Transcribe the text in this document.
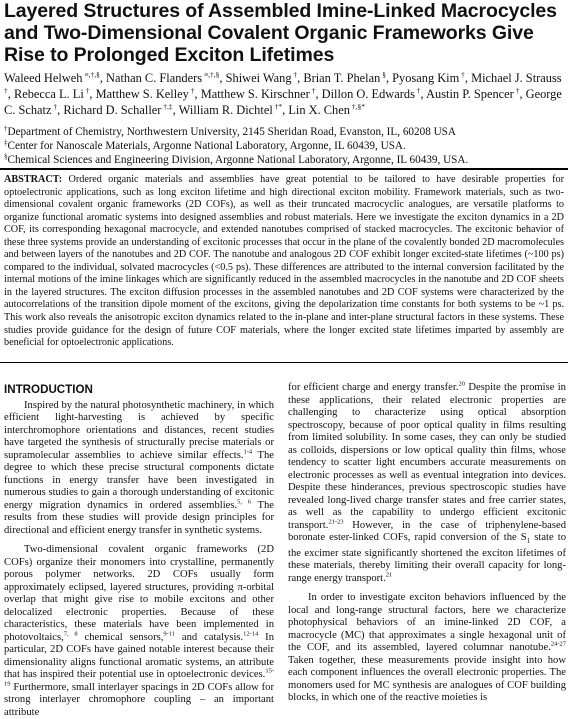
Layered Structures of Assembled Imine-Linked Macrocycles and Two-Dimensional Covalent Organic Frameworks Give Rise to Prolonged Exciton Lifetimes

Waleed Helweh ≡,†,§, Nathan C. Flanders ≡,†,§, Shiwei Wang †, Brian T. Phelan §, Pyosang Kim †, Michael J. Strauss †, Rebecca L. Li †, Matthew S. Kelley †, Matthew S. Kirschner †, Dillon O. Edwards †, Austin P. Spencer †, George C. Schatz †, Richard D. Schaller †,‡, William R. Dichtel †*, Lin X. Chen †,§*

†Department of Chemistry, Northwestern University, 2145 Sheridan Road, Evanston, IL, 60208 USA

‡Center for Nanoscale Materials, Argonne National Laboratory, Argonne, IL 60439, USA.

§Chemical Sciences and Engineering Division, Argonne National Laboratory, Argonne, IL 60439, USA.

ABSTRACT: Ordered organic materials and assemblies have great potential to be tailored to have desirable properties for optoelectronic applications, such as long exciton lifetime and high directional exciton mobility. Framework materials, such as two-dimensional covalent organic frameworks (2D COFs), as well as their truncated macrocyclic analogues, are versatile platforms to organize functional aromatic systems into designed assemblies and robust materials. Here we investigate the exciton dynamics in a 2D COF, its corresponding hexagonal macrocycle, and extended nanotubes comprised of stacked macrocycles. The excitonic behavior of these three systems provide an understanding of excitonic processes that occur in the plane of the covalently bonded 2D macromolecules and between layers of the nanotubes and 2D COF. The nanotube and analogous 2D COF exhibit longer excited-state lifetimes (~100 ps) compared to the individual, solvated macrocycles (<0.5 ps). These differences are attributed to the internal conversion facilitated by the internal motions of the imine linkages which are significantly reduced in the assembled macrocycles in the nanotube and 2D COF sheets in the layered structures. The exciton diffusion processes in the assembled nanotubes and 2D COF systems were characterized by the autocorrelations of the transition dipole moment of the excitons, giving the depolarization time constants for both systems to be ~1 ps. This work also reveals the anisotropic exciton dynamics related to the in-plane and inter-plane structural factors in these systems. These studies provide guidance for the design of future COF materials, where the longer excited state lifetimes imparted by assembly are beneficial for optoelectronic applications.

INTRODUCTION

Inspired by the natural photosynthetic machinery, in which efficient light-harvesting is achieved by specific interchromophore orientations and distances, recent studies have targeted the synthesis of structurally precise materials or supramolecular assemblies to achieve similar effects.$^{1-4}$ The degree to which these precise structural components dictate functions in energy transfer have been investigated in numerous studies to gain a thorough understanding of excitonic energy migration dynamics in ordered assemblies.$^{5, 6}$ The results from these studies will provide design principles for directional and efficient energy transfer in synthetic systems.

Two-dimensional covalent organic frameworks (2D COFs) organize their monomers into crystalline, permanently porous polymer networks. 2D COFs usually form approximately eclipsed, layered structures, providing π-orbital overlap that might give rise to mobile excitons and other delocalized electronic properties. Because of these characteristics, these materials have been implemented in photovoltaics,$^{7, 8}$ chemical sensors,$^{9-11}$ and catalysis.$^{12-14}$ In particular, 2D COFs have gained notable interest because their dimensionality aligns functional aromatic systems, an attribute that has inspired their potential use in optoelectronic devices.$^{15-19}$ Furthermore, small interlayer spacings in 2D COFs allow for strong interlayer chromophore coupling – an important attribute

for efficient charge and energy transfer.$^{20}$ Despite the promise in these applications, their related electronic properties are challenging to characterize using optical absorption spectroscopy, because of poor optical quality in films resulting from limited solubility. In some cases, they can only be studied as colloids, dispersions or low optical quality thin films, whose tendency to scatter light encumbers accurate measurements on electronic processes as well as eventual integration into devices. Despite these hinderances, previous spectroscopic studies have revealed long-lived charge transfer states and free carrier states, as well as the capability to undergo efficient excitonic transport.$^{21-23}$ However, in the case of triphenylene-based boronate ester-linked COFs, rapid conversion of the $S_1$ state to the excimer state significantly shortened the exciton lifetimes of these materials, thereby limiting their overall capacity for long-range energy transport.$^{21}$

In order to investigate exciton behaviors influenced by the local and long-range structural factors, here we characterize photophysical behaviors of an imine-linked 2D COF, a macrocycle (MC) that approximates a single hexagonal unit of the COF, and its assembled, layered columnar nanotube.$^{24-27}$ Taken together, these measurements provide insight into how each component influences the overall electronic properties. The monomers used for MC synthesis are analogues of COF building blocks, in which one of the reactive moieties is
